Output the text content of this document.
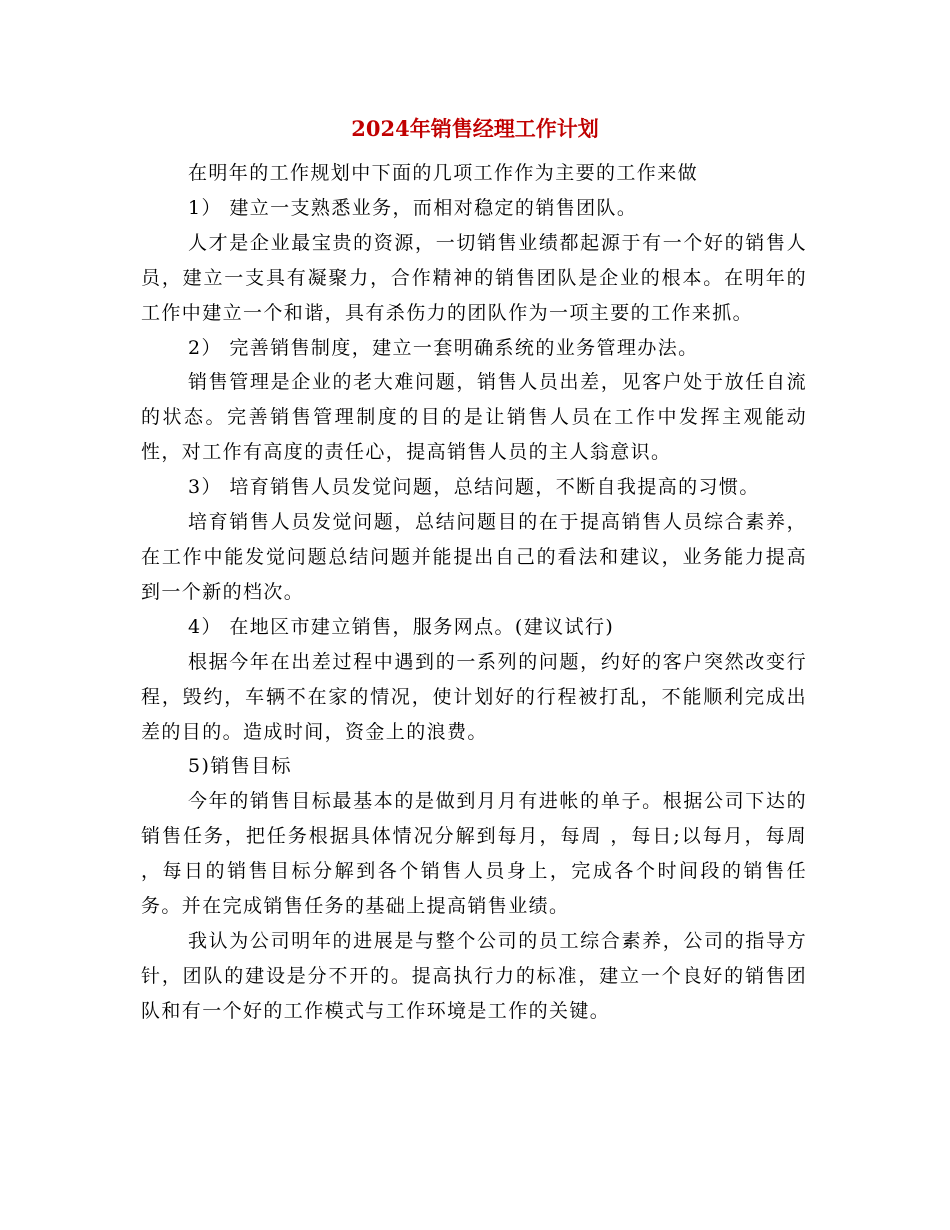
2024年销售经理工作计划

在明年的工作规划中下面的几项工作作为主要的工作来做

1） 建立一支熟悉业务，而相对稳定的销售团队。

人才是企业最宝贵的资源，一切销售业绩都起源于有一个好的销售人员，建立一支具有凝聚力，合作精神的销售团队是企业的根本。在明年的工作中建立一个和谐，具有杀伤力的团队作为一项主要的工作来抓。

2） 完善销售制度，建立一套明确系统的业务管理办法。

销售管理是企业的老大难问题，销售人员出差，见客户处于放任自流的状态。完善销售管理制度的目的是让销售人员在工作中发挥主观能动性，对工作有高度的责任心，提高销售人员的主人翁意识。

3） 培育销售人员发觉问题，总结问题，不断自我提高的习惯。

培育销售人员发觉问题，总结问题目的在于提高销售人员综合素养，在工作中能发觉问题总结问题并能提出自己的看法和建议，业务能力提高到一个新的档次。

4） 在地区市建立销售，服务网点。(建议试行)

根据今年在出差过程中遇到的一系列的问题，约好的客户突然改变行程，毁约，车辆不在家的情况，使计划好的行程被打乱，不能顺利完成出差的目的。造成时间，资金上的浪费。

5)销售目标

今年的销售目标最基本的是做到月月有进帐的单子。根据公司下达的销售任务，把任务根据具体情况分解到每月，每周 ，每日;以每月，每周 ，每日的销售目标分解到各个销售人员身上，完成各个时间段的销售任务。并在完成销售任务的基础上提高销售业绩。

我认为公司明年的进展是与整个公司的员工综合素养，公司的指导方针，团队的建设是分不开的。提高执行力的标准，建立一个良好的销售团队和有一个好的工作模式与工作环境是工作的关键。
